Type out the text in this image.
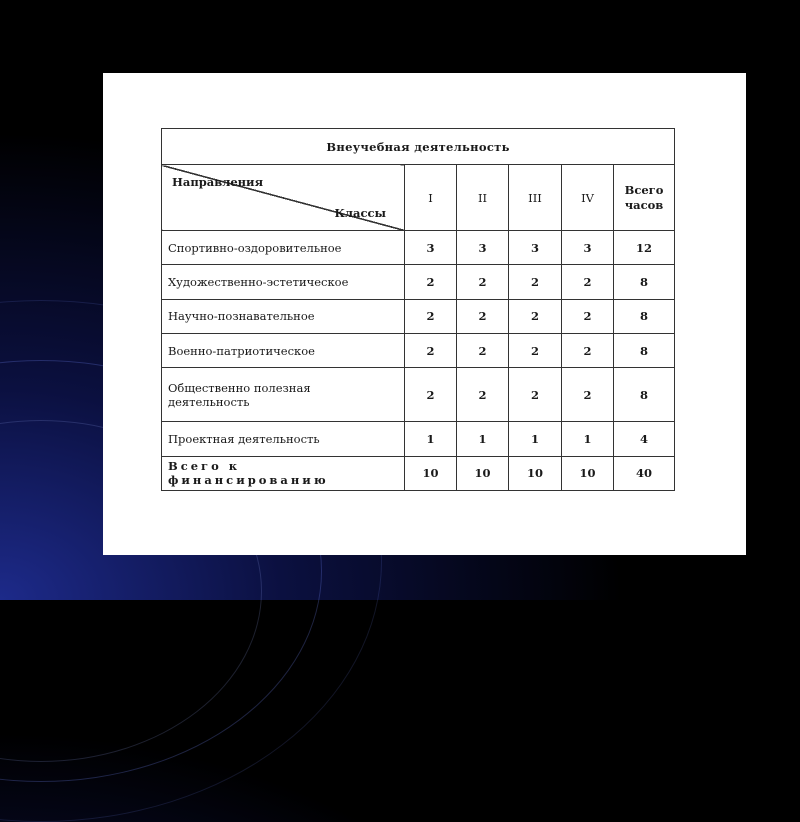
Внеучебная деятельность					

Направления
Классы	I	II	III	IV	Всего
часов
Спортивно-оздоровительное	3	3	3	3	12
Художественно-эстетическое	2	2	2	2	8
Научно-познавательное	2	2	2	2	8
Военно-патриотическое	2	2	2	2	8
Общественно полезная
деятельность	2	2	2	2	8
Проектная деятельность	1	1	1	1	4
Всего к финансированию	10	10	10	10	40
